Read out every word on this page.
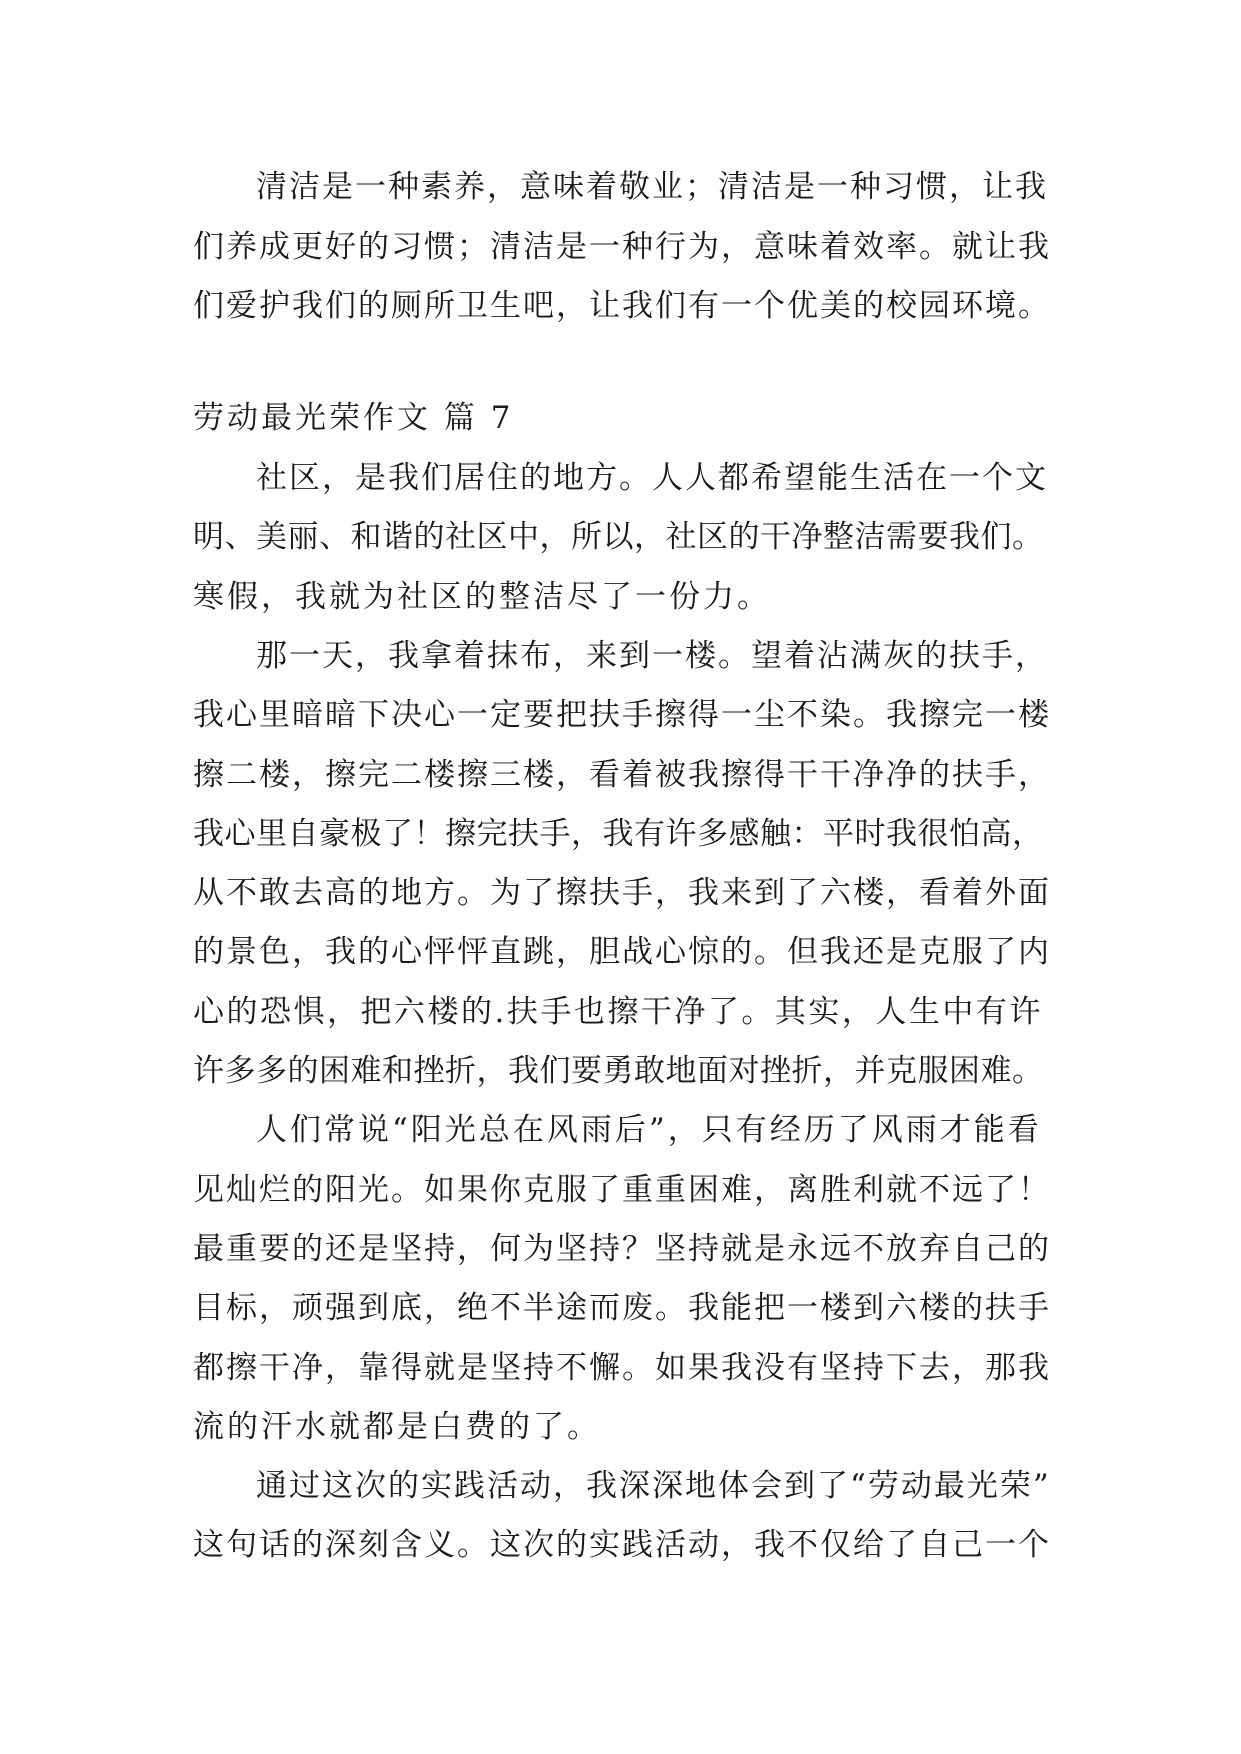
清洁是一种素养，意味着敬业；清洁是一种习惯，让我
们养成更好的习惯；清洁是一种行为，意味着效率。就让我
们爱护我们的厕所卫生吧，让我们有一个优美的校园环境。
劳动最光荣作文 篇 7
社区，是我们居住的地方。人人都希望能生活在一个文
明、美丽、和谐的社区中，所以，社区的干净整洁需要我们。
寒假，我就为社区的整洁尽了一份力。
那一天，我拿着抹布，来到一楼。望着沾满灰的扶手，
我心里暗暗下决心一定要把扶手擦得一尘不染。我擦完一楼
擦二楼，擦完二楼擦三楼，看着被我擦得干干净净的扶手，
我心里自豪极了！擦完扶手，我有许多感触：平时我很怕高，
从不敢去高的地方。为了擦扶手，我来到了六楼，看着外面
的景色，我的心怦怦直跳，胆战心惊的。但我还是克服了内
心的恐惧，把六楼的.扶手也擦干净了。其实，人生中有许
许多多的困难和挫折，我们要勇敢地面对挫折，并克服困难。
人们常说“阳光总在风雨后”，只有经历了风雨才能看
见灿烂的阳光。如果你克服了重重困难，离胜利就不远了！
最重要的还是坚持，何为坚持？坚持就是永远不放弃自己的
目标，顽强到底，绝不半途而废。我能把一楼到六楼的扶手
都擦干净，靠得就是坚持不懈。如果我没有坚持下去，那我
流的汗水就都是白费的了。
通过这次的实践活动，我深深地体会到了“劳动最光荣”
这句话的深刻含义。这次的实践活动，我不仅给了自己一个
